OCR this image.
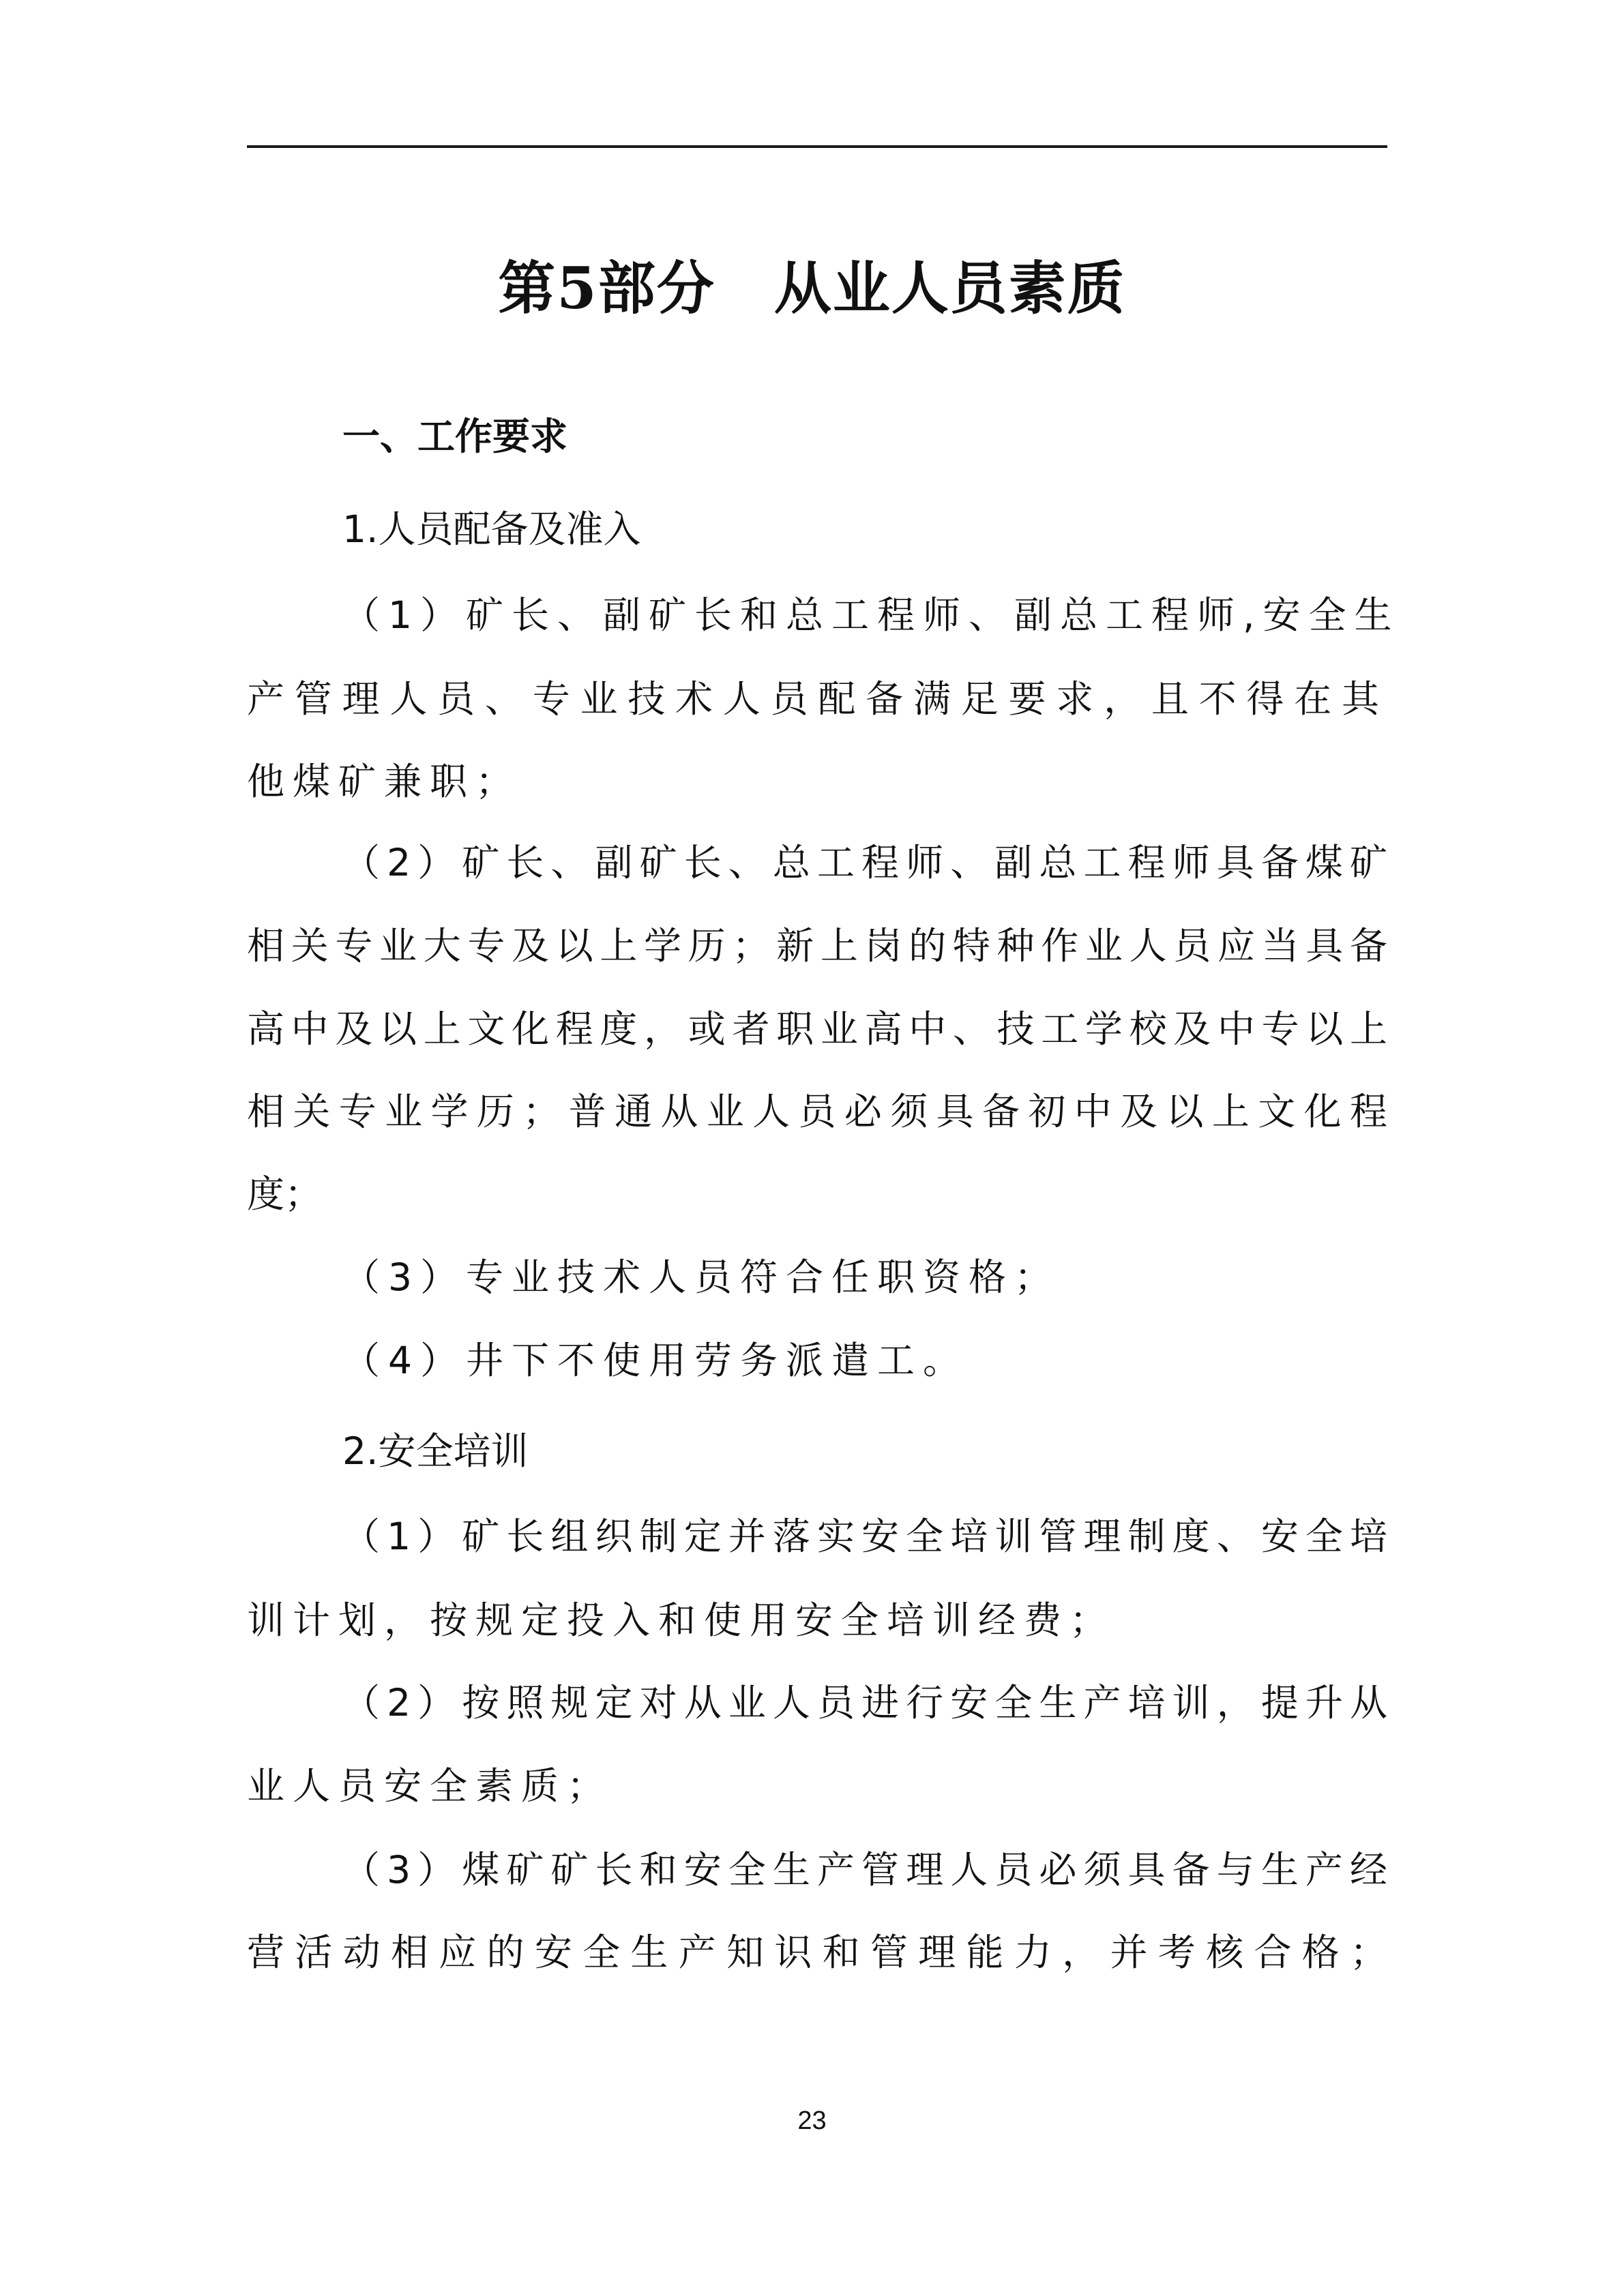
第5部分　从业人员素质
一、工作要求
1.人员配备及准入
（1）矿长、副矿长和总工程师、副总工程师,安全生
产管理人员、专业技术人员配备满足要求，且不得在其
他煤矿兼职；
（2）矿长、副矿长、总工程师、副总工程师具备煤矿
相关专业大专及以上学历；新上岗的特种作业人员应当具备
高中及以上文化程度，或者职业高中、技工学校及中专以上
相关专业学历；普通从业人员必须具备初中及以上文化程
度；
（3）专业技术人员符合任职资格；
（4）井下不使用劳务派遣工。
2.安全培训
（1）矿长组织制定并落实安全培训管理制度、安全培
训计划，按规定投入和使用安全培训经费；
（2）按照规定对从业人员进行安全生产培训，提升从
业人员安全素质；
（3）煤矿矿长和安全生产管理人员必须具备与生产经
营活动相应的安全生产知识和管理能力，并考核合格；
23
